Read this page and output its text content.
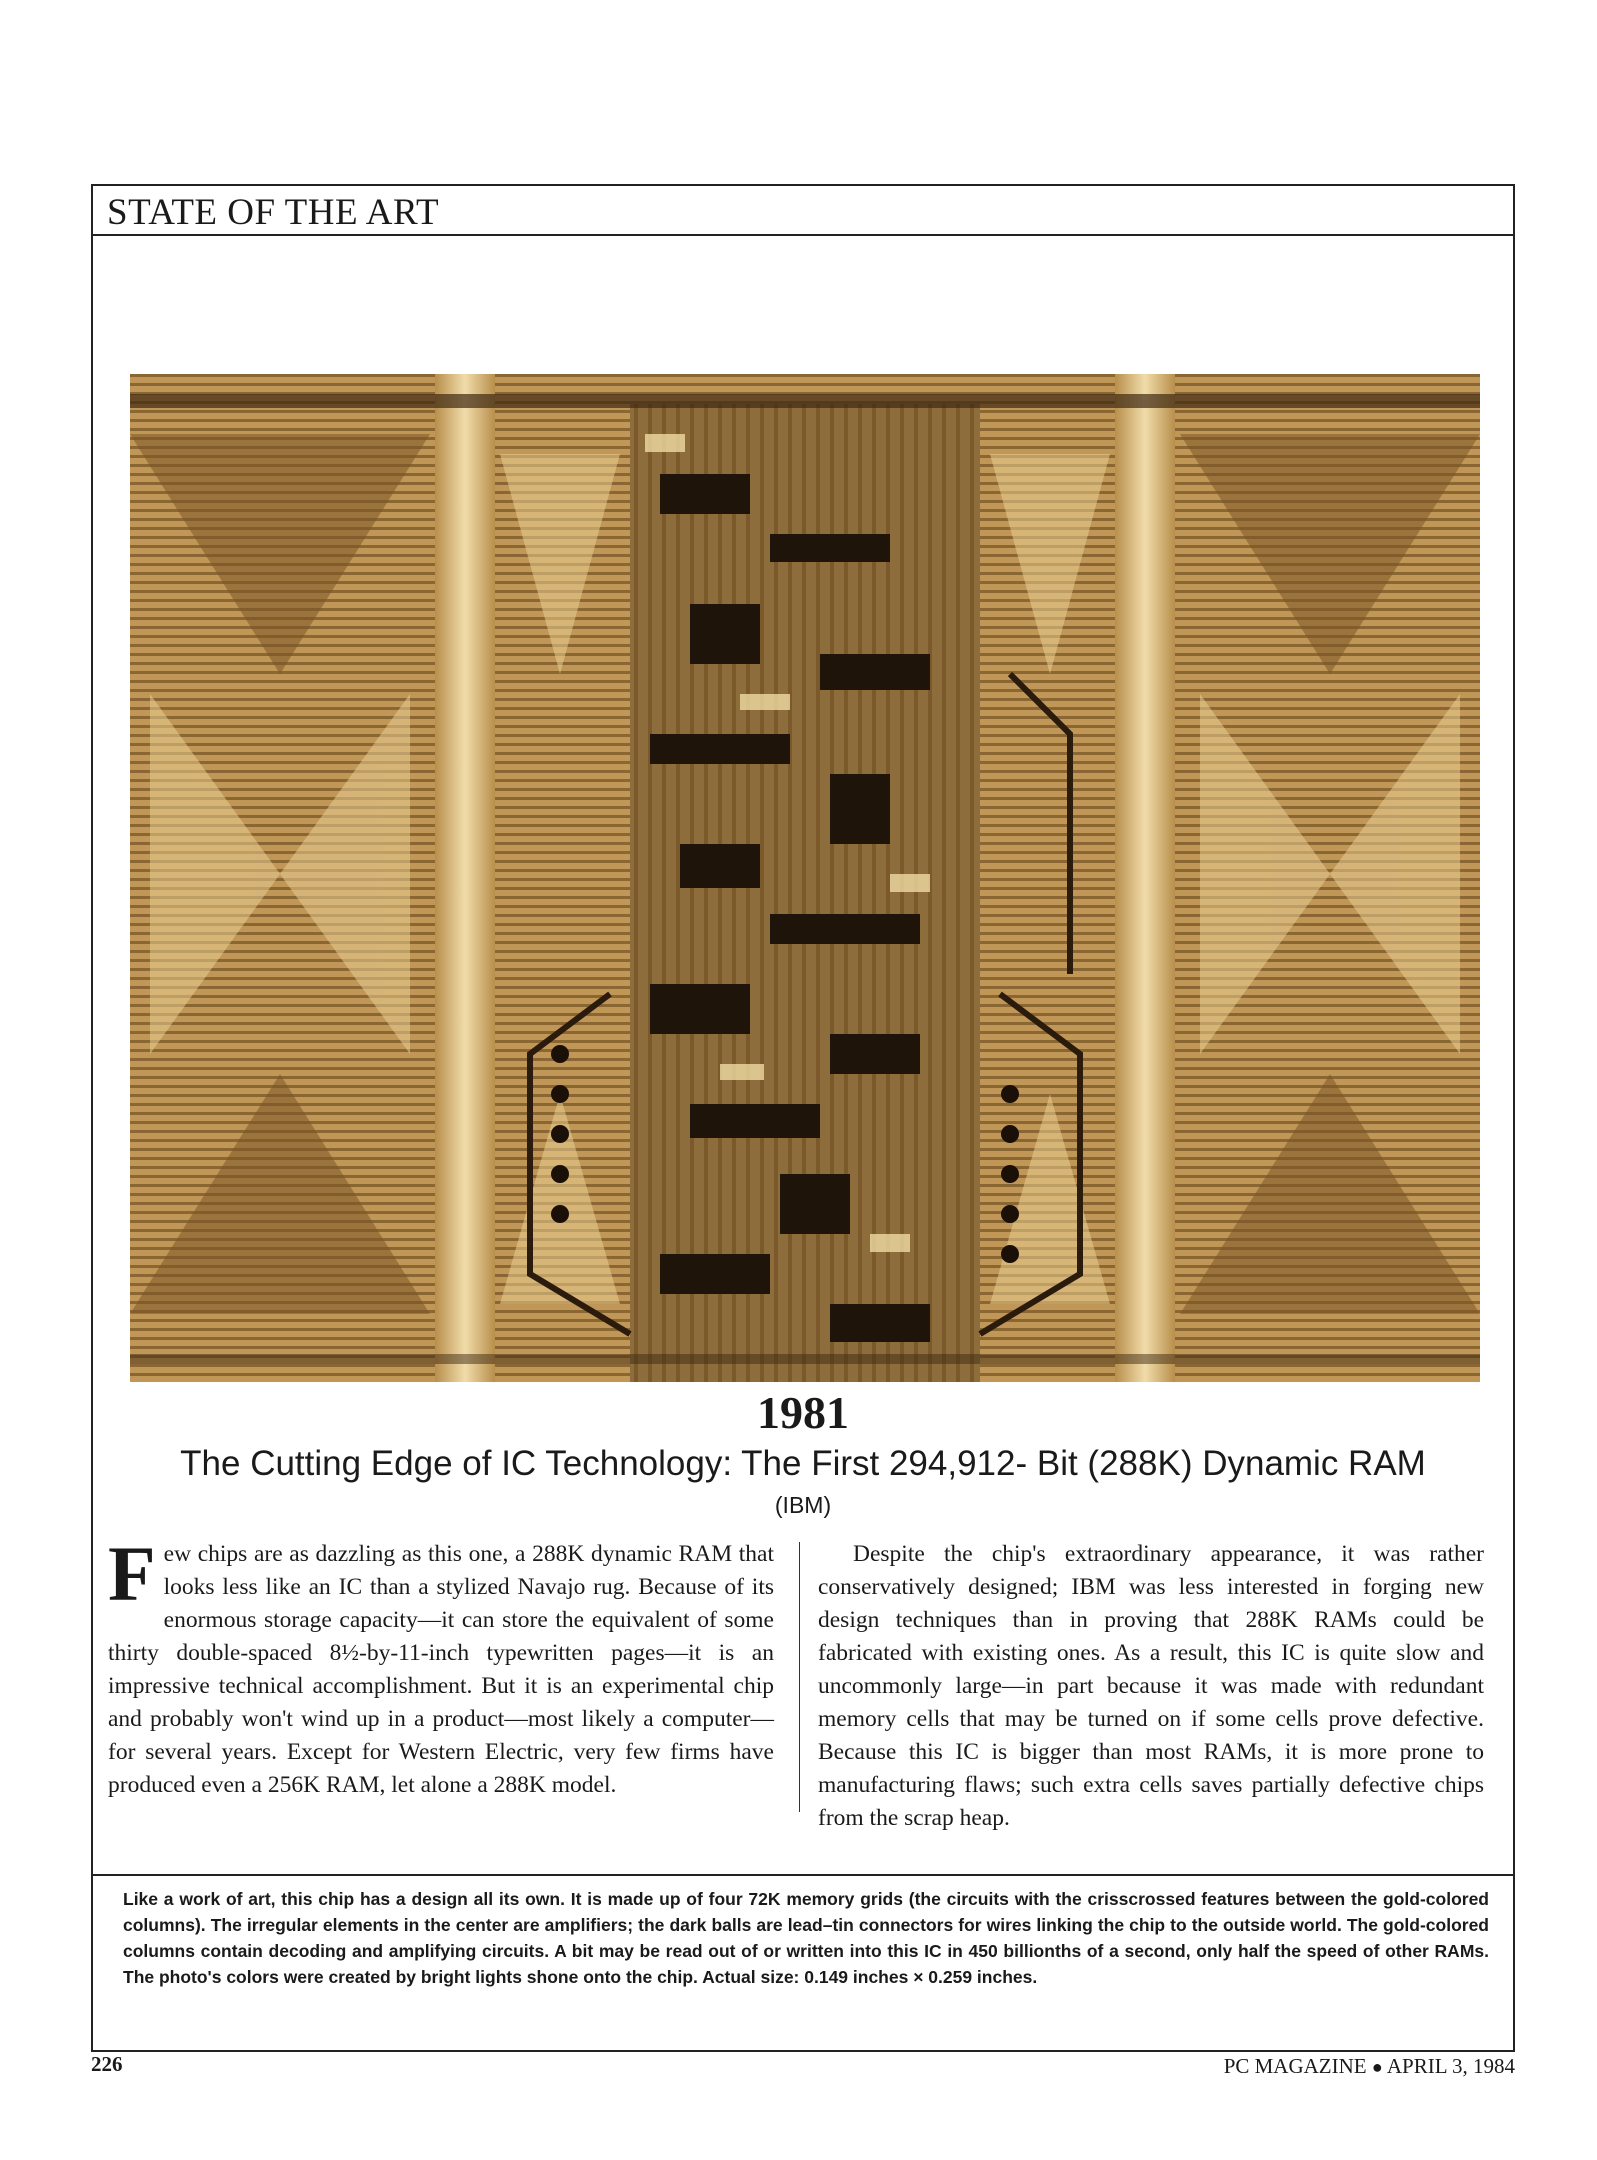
STATE OF THE ART
1981
The Cutting Edge of IC Technology: The First 294,912- Bit (288K) Dynamic RAM
(IBM)
Few chips are as dazzling as this one, a 288K dynamic RAM that looks less like an IC than a stylized Navajo rug. Because of its enormous storage capacity—it can store the equivalent of some thirty double-spaced 8½-by-11-inch typewritten pages—it is an impressive technical accomplishment. But it is an experimental chip and probably won't wind up in a product—most likely a computer—for several years. Except for Western Electric, very few firms have produced even a 256K RAM, let alone a 288K model.
Despite the chip's extraordinary appearance, it was rather conservatively designed; IBM was less interested in forging new design techniques than in proving that 288K RAMs could be fabricated with existing ones. As a result, this IC is quite slow and uncommonly large—in part because it was made with redundant memory cells that may be turned on if some cells prove defective. Because this IC is bigger than most RAMs, it is more prone to manufacturing flaws; such extra cells saves partially defective chips from the scrap heap.
Like a work of art, this chip has a design all its own. It is made up of four 72K memory grids (the circuits with the crisscrossed features between the gold-colored columns). The irregular elements in the center are amplifiers; the dark balls are lead–tin connectors for wires linking the chip to the outside world. The gold-colored columns contain decoding and amplifying circuits. A bit may be read out of or written into this IC in 450 billionths of a second, only half the speed of other RAMs. The photo's colors were created by bright lights shone onto the chip. Actual size: 0.149 inches × 0.259 inches.
226	PC MAGAZINE ● APRIL 3, 1984
